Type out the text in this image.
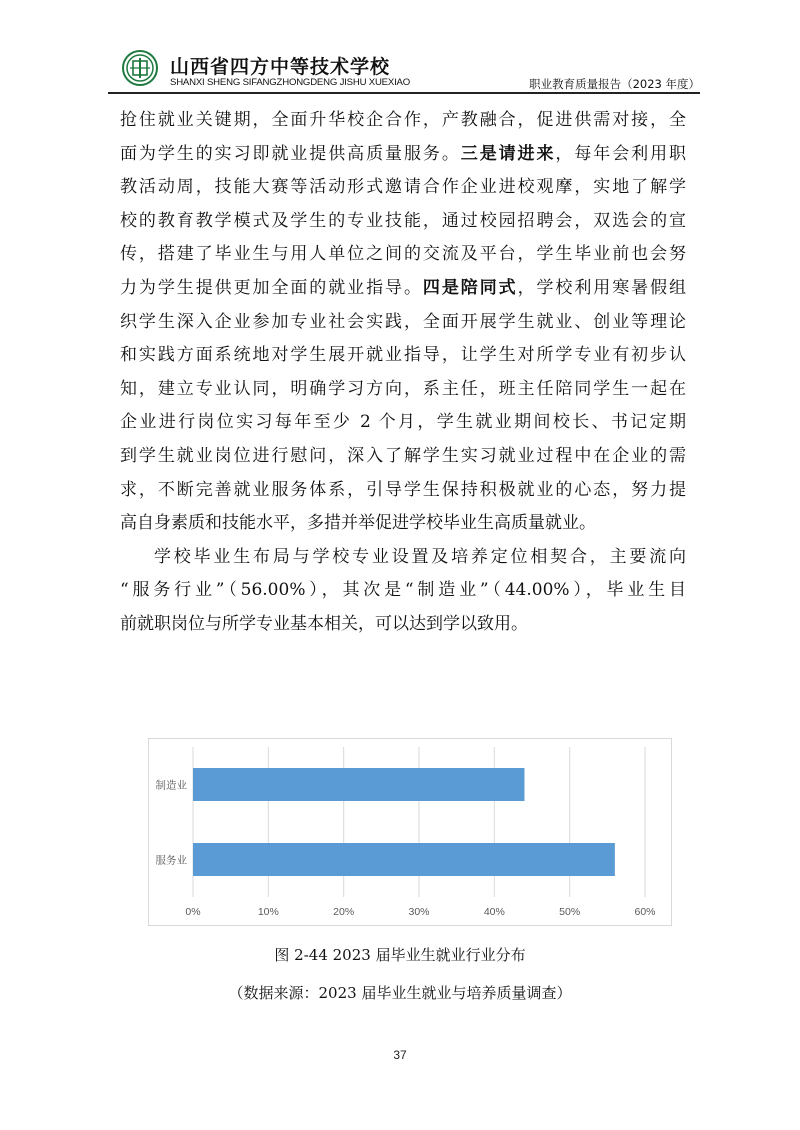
山西省四方中等技术学校
SHANXI SHENG SIFANGZHONGDENG JISHU XUEXIAO	职业教育质量报告（2023 年度）
抢住就业关键期，全面升华校企合作，产教融合，促进供需对接，全
面为学生的实习即就业提供高质量服务。三是请进来，每年会利用职
教活动周，技能大赛等活动形式邀请合作企业进校观摩，实地了解学
校的教育教学模式及学生的专业技能，通过校园招聘会，双选会的宣
传，搭建了毕业生与用人单位之间的交流及平台，学生毕业前也会努
力为学生提供更加全面的就业指导。四是陪同式，学校利用寒暑假组
织学生深入企业参加专业社会实践，全面开展学生就业、创业等理论
和实践方面系统地对学生展开就业指导，让学生对所学专业有初步认
知，建立专业认同，明确学习方向，系主任，班主任陪同学生一起在
企业进行岗位实习每年至少 2 个月，学生就业期间校长、书记定期
到学生就业岗位进行慰问，深入了解学生实习就业过程中在企业的需
求，不断完善就业服务体系，引导学生保持积极就业的心态，努力提
高自身素质和技能水平，多措并举促进学校毕业生高质量就业。
学校毕业生布局与学校专业设置及培养定位相契合，主要流向
“服务行业”（56.00%），其次是“制造业”（44.00%），毕业生目
前就职岗位与所学专业基本相关，可以达到学以致用。
0%	10%	20%	30%	40%	50%	60%
制造业
服务业
图 2-44 2023 届毕业生就业行业分布
（数据来源：2023 届毕业生就业与培养质量调查）
37
